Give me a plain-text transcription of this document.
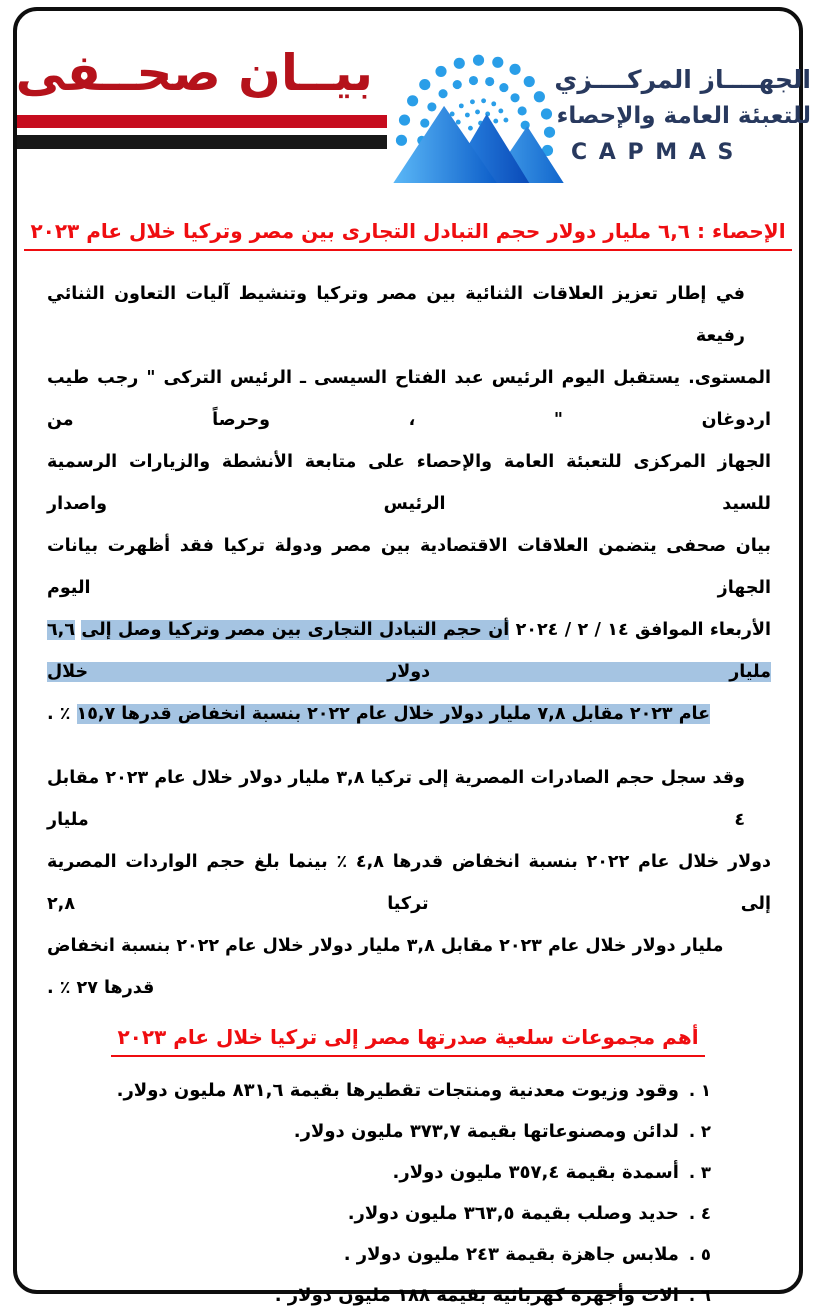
بيــان صحــفى	الجهــــاز المركــــزي
للتعبئة العامة والإحصاء
C A P M A S
الإحصاء : ٦,٦ مليار دولار حجم التبادل التجارى بين مصر وتركيا خلال عام ٢٠٢٣
في إطار تعزيز العلاقات الثنائية بين مصر وتركيا وتنشيط آليات التعاون الثنائي رفيعة
المستوى. يستقبل اليوم الرئيس عبد الفتاح السيسى ـ الرئيس التركى " رجب طيب اردوغان " ، وحرصاً من
الجهاز المركزى للتعبئة العامة والإحصاء على متابعة الأنشطة والزيارات الرسمية للسيد الرئيس واصدار
بيان صحفى يتضمن العلاقات الاقتصادية بين مصر ودولة تركيا فقد أظهرت بيانات الجهاز اليوم
الأربعاء الموافق ١٤ / ٢ / ٢٠٢٤ أن حجم التبادل التجارى بين مصر وتركيا وصل إلى ٦,٦ مليار دولار خلال
عام ٢٠٢٣ مقابل ٧,٨ مليار دولار خلال عام ٢٠٢٢ بنسبة انخفاض قدرها ١٥,٧ ٪ .
وقد سجل حجم الصادرات المصرية إلى تركيا ٣,٨ مليار دولار خلال عام ٢٠٢٣ مقابل ٤ مليار
دولار خلال عام ٢٠٢٢ بنسبة انخفاض قدرها ٤,٨ ٪ بينما بلغ حجم الواردات المصرية إلى تركيا ٢,٨
مليار دولار خلال عام ٢٠٢٣ مقابل ٣,٨ مليار دولار خلال عام ٢٠٢٢ بنسبة انخفاض قدرها ٢٧ ٪ .
أهم مجموعات سلعية صدرتها مصر إلى تركيا خلال عام ٢٠٢٣
١ .وقود وزيوت معدنية ومنتجات تقطيرها بقيمة ٨٣١,٦ مليون دولار.
٢ .لدائن ومصنوعاتها بقيمة ٣٧٣,٧ مليون دولار.
٣ .أسمدة بقيمة ٣٥٧,٤ مليون دولار.
٤ .حديد وصلب بقيمة ٣٦٣,٥ مليون دولار.
٥ .ملابس جاهزة بقيمة ٢٤٣ مليون دولار .
٦ .الات وأجهزة كهربائية بقيمة ١٨٨ مليون دولار .
